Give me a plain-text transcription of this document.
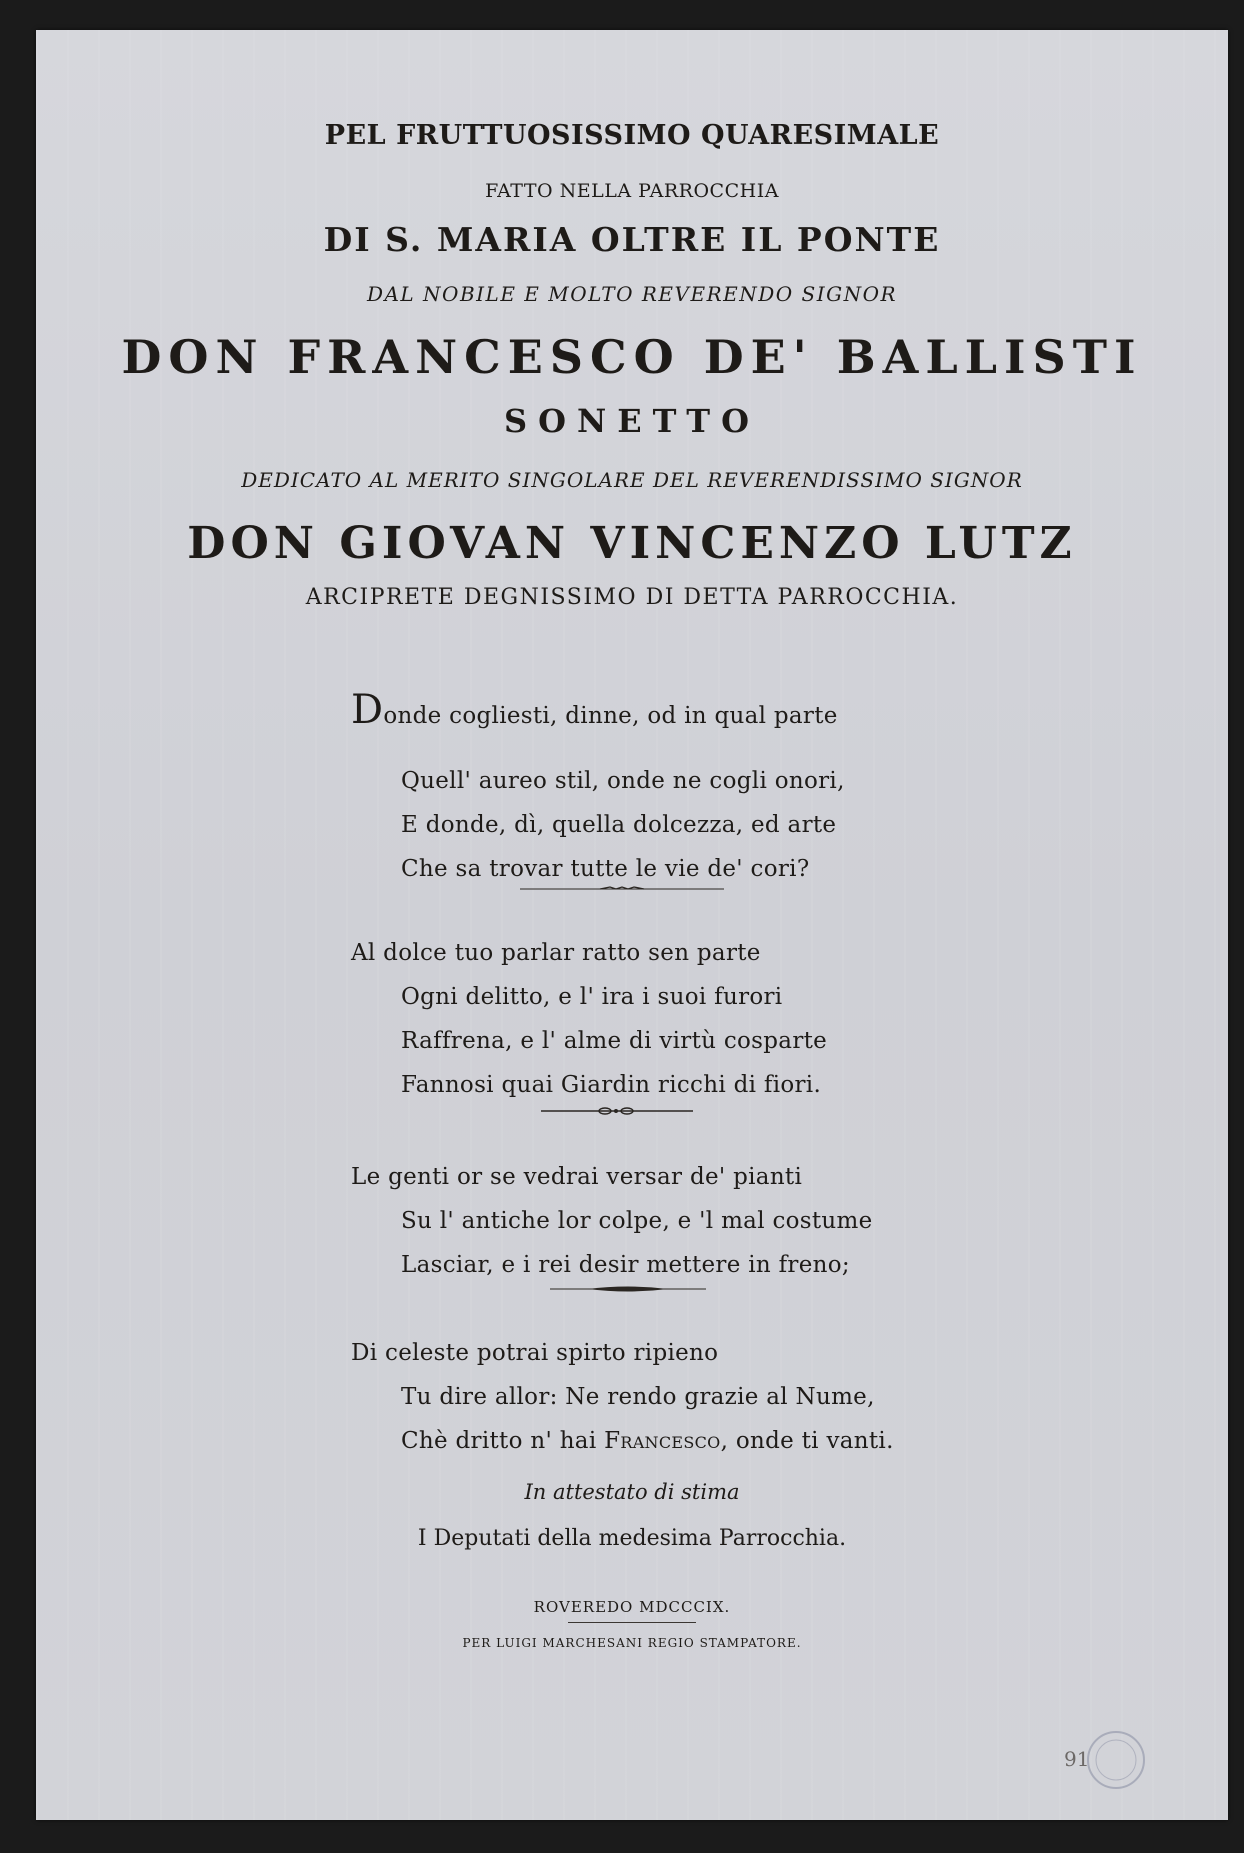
PEL FRUTTUOSISSIMO QUARESIMALE
FATTO NELLA PARROCCHIA
DI S. MARIA OLTRE IL PONTE
DAL NOBILE E MOLTO REVERENDO SIGNOR
DON FRANCESCO DE' BALLISTI
SONETTO
DEDICATO AL MERITO SINGOLARE DEL REVERENDISSIMO SIGNOR
DON GIOVAN VINCENZO LUTZ
ARCIPRETE DEGNISSIMO DI DETTA PARROCCHIA.
Donde cogliesti, dinne, od in qual parte
Quell' aureo stil, onde ne cogli onori,
E donde, dì, quella dolcezza, ed arte
Che sa trovar tutte le vie de' cori?
Al dolce tuo parlar ratto sen parte
Ogni delitto, e l' ira i suoi furori
Raffrena, e l' alme di virtù cosparte
Fannosi quai Giardin ricchi di fiori.
Le genti or se vedrai versar de' pianti
Su l' antiche lor colpe, e 'l mal costume
Lasciar, e i rei desir mettere in freno;
Di celeste potrai spirto ripieno
Tu dire allor: Ne rendo grazie al Nume,
Chè dritto n' hai Francesco, onde ti vanti.
In attestato di stima
I Deputati della medesima Parrocchia.
ROVEREDO MDCCCIX.
PER LUIGI MARCHESANI REGIO STAMPATORE.
91
